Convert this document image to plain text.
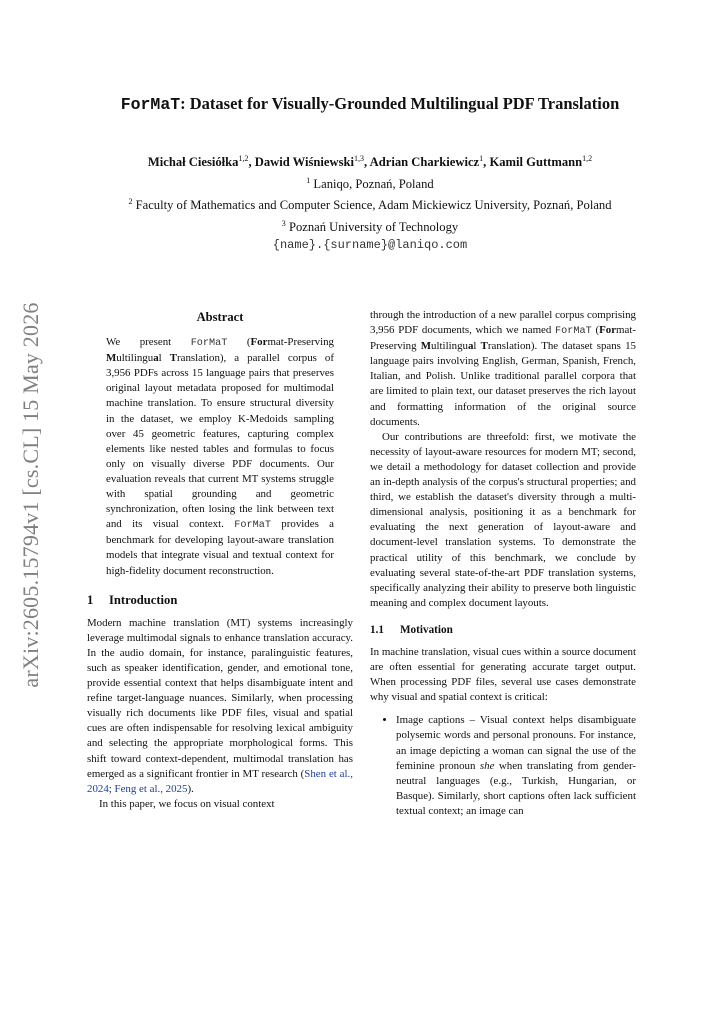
arXiv:2605.15794v1 [cs.CL] 15 May 2026
ForMaT: Dataset for Visually-Grounded Multilingual PDF Translation
Michał Ciesiółka$^{1,2}$, Dawid Wiśniewski$^{1,3}$, Adrian Charkiewicz$^1$, Kamil Guttmann$^{1,2}$
$^1$ Laniqo, Poznań, Poland
$^2$ Faculty of Mathematics and Computer Science, Adam Mickiewicz University, Poznań, Poland
$^3$ Poznań University of Technology
{name}.{surname}@laniqo.com
Abstract

We present ForMaT (Format-Preserving Multilingual Translation), a parallel corpus of 3,956 PDFs across 15 language pairs that preserves original layout metadata proposed for multimodal machine translation. To ensure structural diversity in the dataset, we employ K-Medoids sampling over 45 geometric features, capturing complex elements like nested tables and formulas to focus only on visually diverse PDF documents. Our evaluation reveals that current MT systems struggle with spatial grounding and geometric synchronization, often losing the link between text and its visual context. ForMaT provides a benchmark for developing layout-aware translation models that integrate visual and textual context for high-fidelity document reconstruction.

1 Introduction

Modern machine translation (MT) systems increasingly leverage multimodal signals to enhance translation accuracy. In the audio domain, for instance, paralinguistic features, such as speaker identification, gender, and emotional tone, provide essential context that helps disambiguate intent and refine target-language nuances. Similarly, when processing visually rich documents like PDF files, visual and spatial cues are often indispensable for resolving lexical ambiguity and selecting the appropriate morphological forms. This shift toward context-dependent, multimodal translation has emerged as a significant frontier in MT research (Shen et al., 2024; Feng et al., 2025).

In this paper, we focus on visual context

through the introduction of a new parallel corpus comprising 3,956 PDF documents, which we named ForMaT (Format-Preserving Multilingual Translation). The dataset spans 15 language pairs involving English, German, Spanish, French, Italian, and Polish. Unlike traditional parallel corpora that are limited to plain text, our dataset preserves the rich layout and formatting information of the original source documents.

Our contributions are threefold: first, we motivate the necessity of layout-aware resources for modern MT; second, we detail a methodology for dataset collection and provide an in-depth analysis of the corpus's structural properties; and third, we establish the dataset's diversity through a multi-dimensional analysis, positioning it as a benchmark for evaluating the next generation of layout-aware and document-level translation systems. To demonstrate the practical utility of this benchmark, we conclude by evaluating several state-of-the-art PDF translation systems, specifically analyzing their ability to preserve both linguistic meaning and complex document layouts.

1.1 Motivation

In machine translation, visual cues within a source document are often essential for generating accurate target output. When processing PDF files, several use cases demonstrate why visual and spatial context is critical:

• Image captions – Visual context helps disambiguate polysemic words and personal pronouns. For instance, an image depicting a woman can signal the use of the feminine pronoun she when translating from gender-neutral languages (e.g., Turkish, Hungarian, or Basque). Similarly, short captions often lack sufficient textual context; an image can
